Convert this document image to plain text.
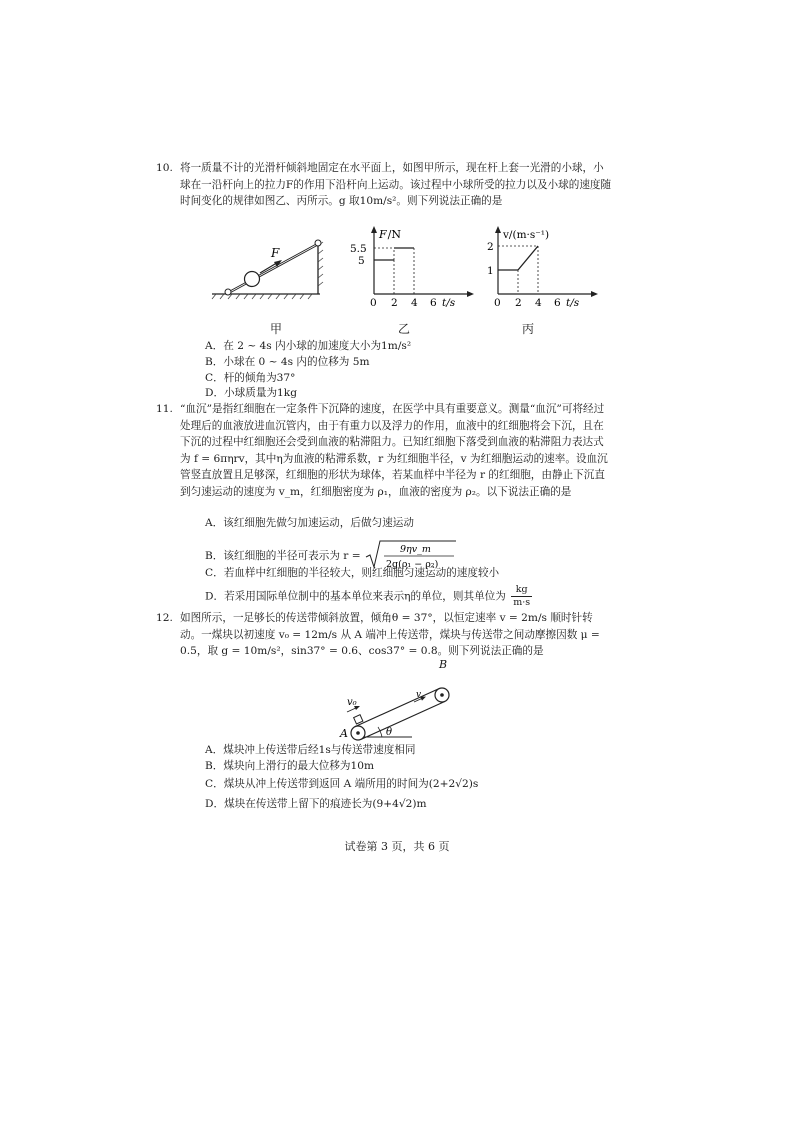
10. 将一质量不计的光滑杆倾斜地固定在水平面上，如图甲所示，现在杆上套一光滑的小球，小球在一沿杆向上的拉力F的作用下沿杆向上运动。该过程中小球所受的拉力以及小球的速度随时间变化的规律如图乙、丙所示。g 取10m/s²。则下列说法正确的是
F
F/N
5.5
5
0 2 4 6 t/s
v/(m·s⁻¹)
2
1
0 2 4 6 t/s
甲	乙	丙
A．在 2 ~ 4s 内小球的加速度大小为1m/s²
B．小球在 0 ~ 4s 内的位移为 5m
C．杆的倾角为37°
D．小球质量为1kg
11. “血沉”是指红细胞在一定条件下沉降的速度，在医学中具有重要意义。测量“血沉”可将经过处理后的血液放进血沉管内，由于有重力以及浮力的作用，血液中的红细胞将会下沉，且在下沉的过程中红细胞还会受到血液的粘滞阻力。已知红细胞下落受到血液的粘滞阻力表达式为 f = 6πηrv，其中η为血液的粘滞系数，r 为红细胞半径，v 为红细胞运动的速率。设血沉管竖直放置且足够深，红细胞的形状为球体，若某血样中半径为 r 的红细胞，由静止下沉直到匀速运动的速度为 v_m，红细胞密度为 ρ₁，血液的密度为 ρ₂。以下说法正确的是
A．该红细胞先做匀加速运动，后做匀速运动
B．该红细胞的半径可表示为 r =
9ηv_m
2g(ρ₁ − ρ₂)
C．若血样中红细胞的半径较大，则红细胞匀速运动的速度较小
D．若采用国际单位制中的基本单位来表示η的单位，则其单位为 $\frac{kg}{m\cdot s}$
12. 如图所示，一足够长的传送带倾斜放置，倾角θ = 37°，以恒定速率 v = 2m/s 顺时针转动。一煤块以初速度 v₀ = 12m/s 从 A 端冲上传送带，煤块与传送带之间动摩擦因数 μ = 0.5，取 g = 10m/s²，sin37° = 0.6、cos37° = 0.8。则下列说法正确的是
θ
v₀
v
A
B
A．煤块冲上传送带后经1s与传送带速度相同
B．煤块向上滑行的最大位移为10m
C．煤块从冲上传送带到返回 A 端所用的时间为(2+2√2)s
D．煤块在传送带上留下的痕迹长为(9+4√2)m
试卷第 3 页，共 6 页
